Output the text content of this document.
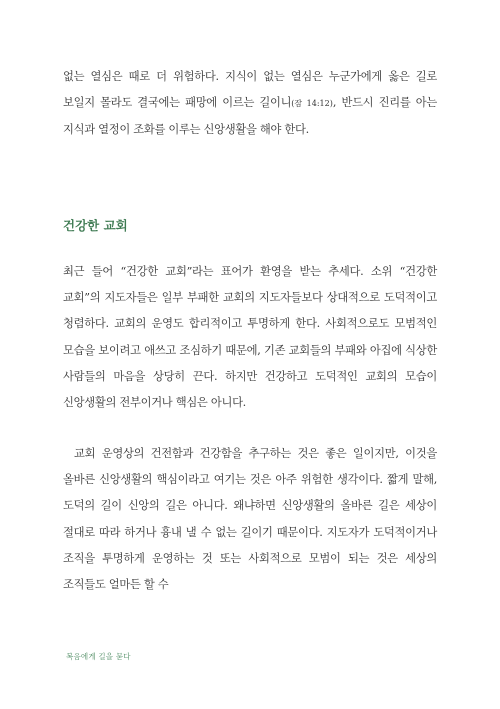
없는 열심은 때로 더 위험하다. 지식이 없는 열심은 누군가에게 옳은 길로 보일지 몰라도 결국에는 패망에 이르는 길이니(잠 14:12), 반드시 진리를 아는 지식과 열정이 조화를 이루는 신앙생활을 해야 한다.

건강한 교회

최근 들어 “건강한 교회”라는 표어가 환영을 받는 추세다. 소위 “건강한 교회”의 지도자들은 일부 부패한 교회의 지도자들보다 상대적으로 도덕적이고 청렴하다. 교회의 운영도 합리적이고 투명하게 한다. 사회적으로도 모범적인 모습을 보이려고 애쓰고 조심하기 때문에, 기존 교회들의 부패와 아집에 식상한 사람들의 마음을 상당히 끈다. 하지만 건강하고 도덕적인 교회의 모습이 신앙생활의 전부이거나 핵심은 아니다.

교회 운영상의 건전함과 건강함을 추구하는 것은 좋은 일이지만, 이것을 올바른 신앙생활의 핵심이라고 여기는 것은 아주 위험한 생각이다. 짧게 말해, 도덕의 길이 신앙의 길은 아니다. 왜냐하면 신앙생활의 올바른 길은 세상이 절대로 따라 하거나 흉내 낼 수 없는 길이기 때문이다. 지도자가 도덕적이거나 조직을 투명하게 운영하는 것 또는 사회적으로 모범이 되는 것은 세상의 조직들도 얼마든 할 수

복음에게 길을 묻다
